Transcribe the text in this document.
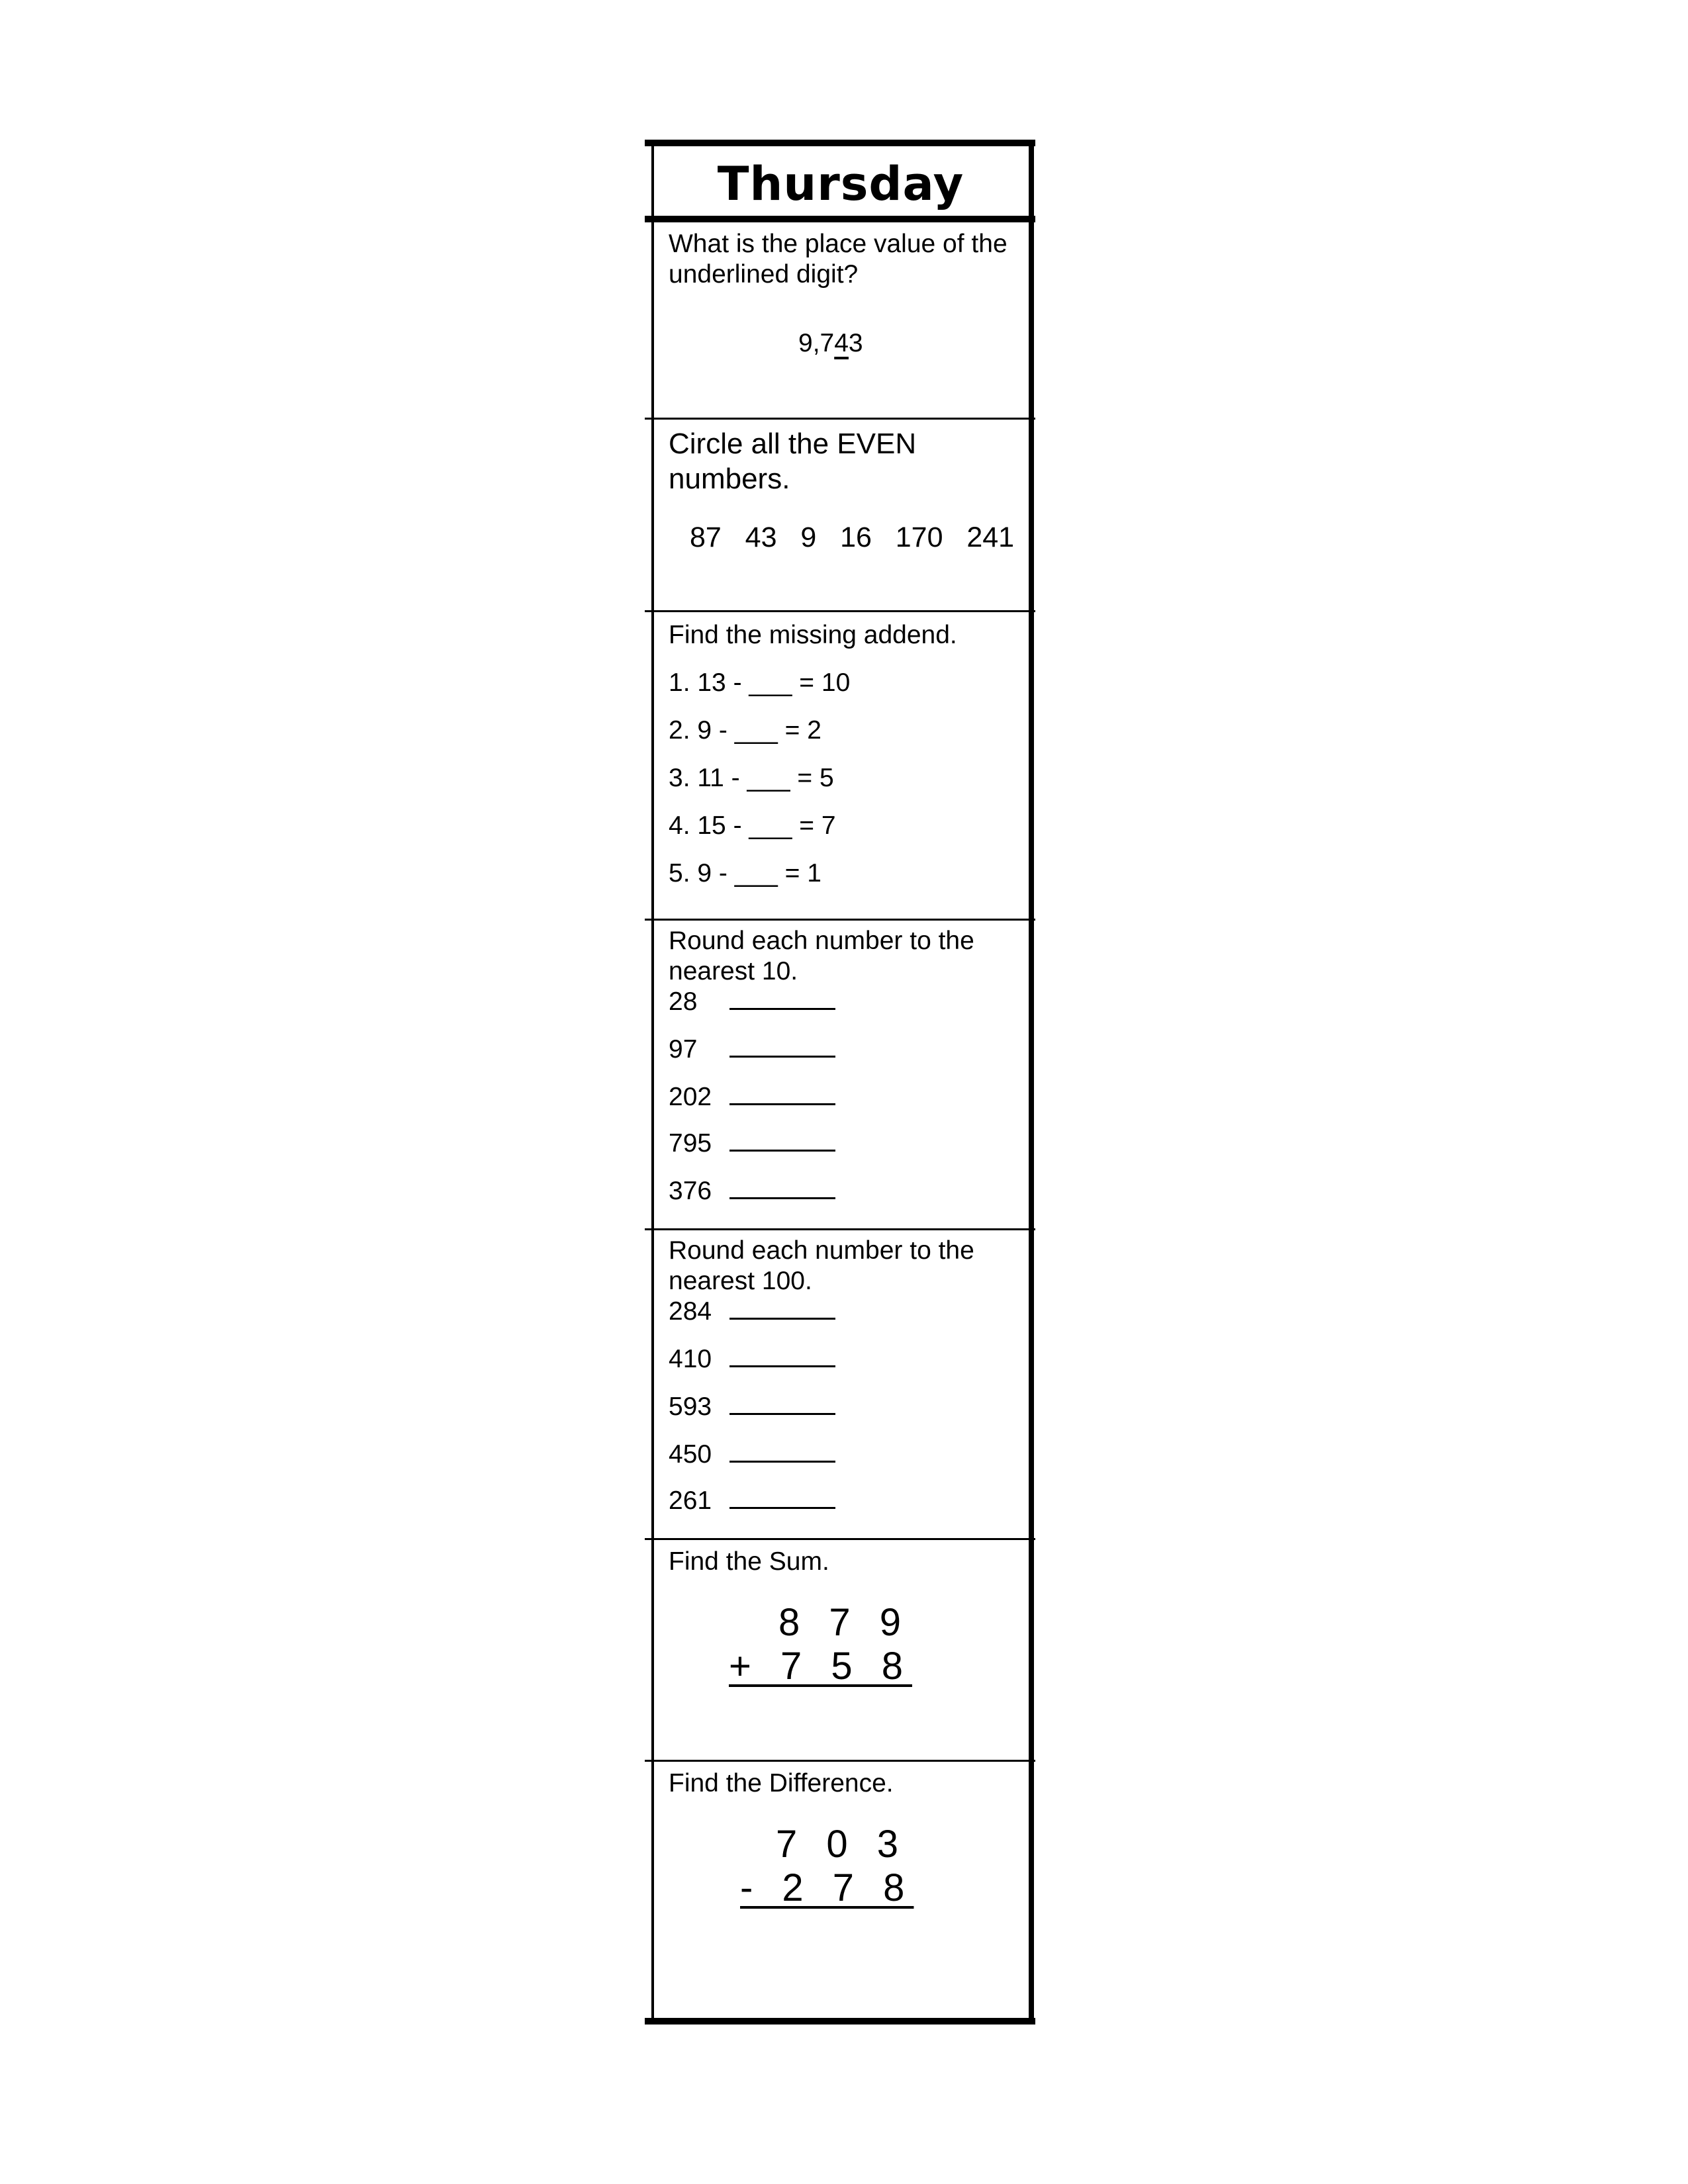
Thursday
What is the place value of the underlined digit?
9,743
Circle all the EVEN numbers.
87   43   9   16   170   241
Find the missing addend.
1. 13 - ___ = 10
2. 9 - ___ = 2
3. 11 - ___ = 5
4. 15 - ___ = 7
5. 9 - ___ = 1
Round each number to the nearest 10.
28
97
202
795
376
Round each number to the nearest 100.
284
410
593
450
261
Find the Sum.
8 7 9
+ 7 5 8
Find the Difference.
7 0 3
- 2 7 8
